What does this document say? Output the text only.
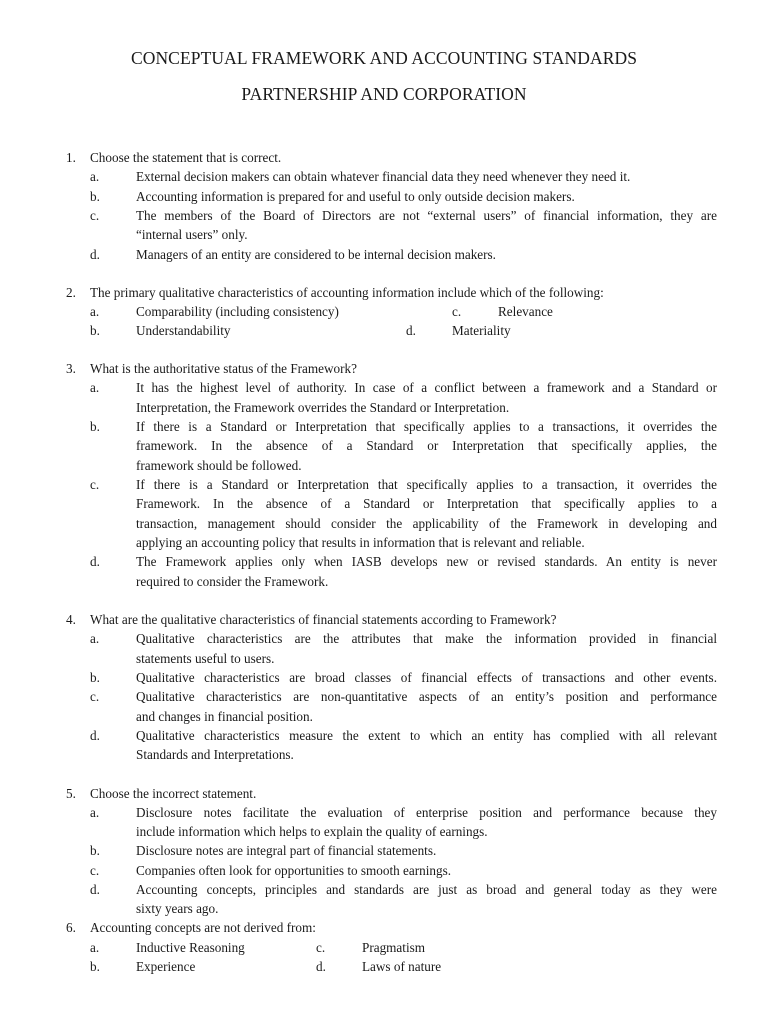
CONCEPTUAL FRAMEWORK AND ACCOUNTING STANDARDS
PARTNERSHIP AND CORPORATION
1. Choose the statement that is correct.
a.	External decision makers can obtain whatever financial data they need whenever they need it.
b.	Accounting information is prepared for and useful to only outside decision makers.
c.	The members of the Board of Directors are not “external users” of financial information, they are
“internal users” only.
d.	Managers of an entity are considered to be internal decision makers.
2. The primary qualitative characteristics of accounting information include which of the following:
a.	Comparability (including consistency)	c.	Relevance
b.	Understandability	d.	Materiality
3. What is the authoritative status of the Framework?
a.	It has the highest level of authority. In case of a conflict between a framework and a Standard or
Interpretation, the Framework overrides the Standard or Interpretation.
b.	If there is a Standard or Interpretation that specifically applies to a transactions, it overrides the
framework. In the absence of a Standard or Interpretation that specifically applies, the
framework should be followed.
c.	If there is a Standard or Interpretation that specifically applies to a transaction, it overrides the
Framework. In the absence of a Standard or Interpretation that specifically applies to a
transaction, management should consider the applicability of the Framework in developing and
applying an accounting policy that results in information that is relevant and reliable.
d.	The Framework applies only when IASB develops new or revised standards. An entity is never
required to consider the Framework.
4. What are the qualitative characteristics of financial statements according to Framework?
a.	Qualitative characteristics are the attributes that make the information provided in financial
statements useful to users.
b.	Qualitative characteristics are broad classes of financial effects of transactions and other events.
c.	Qualitative characteristics are non-quantitative aspects of an entity’s position and performance
and changes in financial position.
d.	Qualitative characteristics measure the extent to which an entity has complied with all relevant
Standards and Interpretations.
5. Choose the incorrect statement.
a.	Disclosure notes facilitate the evaluation of enterprise position and performance because they
include information which helps to explain the quality of earnings.
b.	Disclosure notes are integral part of financial statements.
c.	Companies often look for opportunities to smooth earnings.
d.	Accounting concepts, principles and standards are just as broad and general today as they were
sixty years ago.
6. Accounting concepts are not derived from:
a.	Inductive Reasoning	c.	Pragmatism
b.	Experience	d.	Laws of nature
